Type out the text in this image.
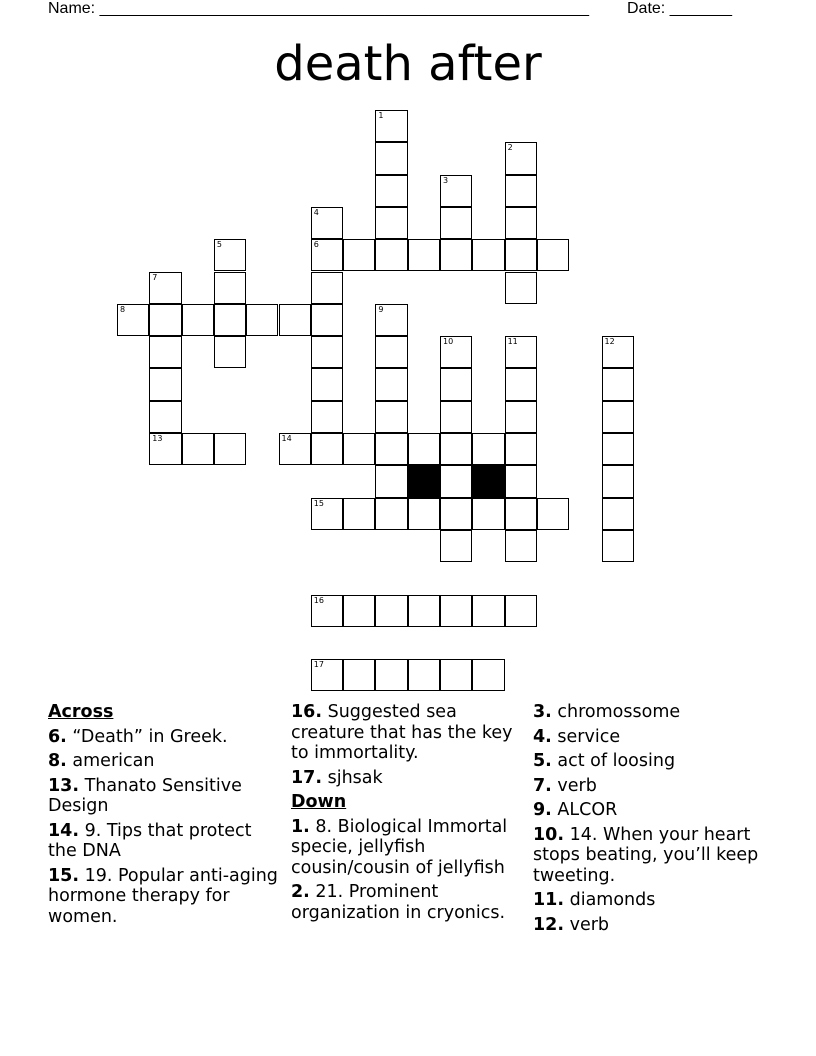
Name: _______________________________________________________ Date: _______
death after
1
2
3
4
5	6
7
8	9
10	11	12
13	14
15
16
17
Across
6. “Death” in Greek.
8. american
13. Thanato Sensitive Design
14. 9. Tips that protect the DNA
15. 19. Popular anti-aging hormone therapy for women.
16. Suggested sea creature that has the key to immortality.
17. sjhsak
Down
1. 8. Biological Immortal specie, jellyfish cousin/cousin of jellyfish
2. 21. Prominent organization in cryonics.
3. chromossome
4. service
5. act of loosing
7. verb
9. ALCOR
10. 14. When your heart stops beating, you’ll keep tweeting.
11. diamonds
12. verb
